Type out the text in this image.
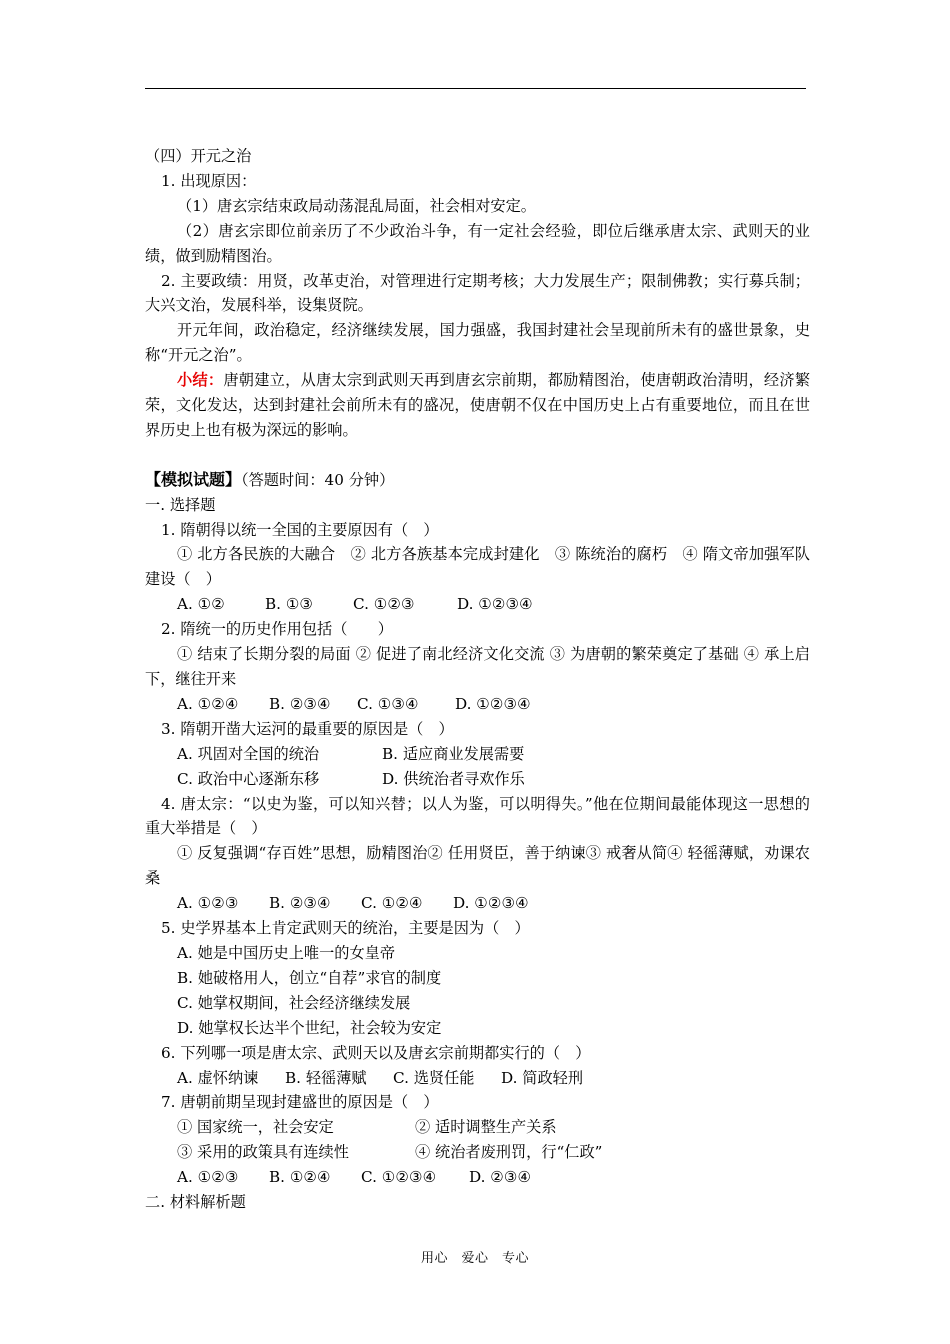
（四）开元之治

1. 出现原因：

（1）唐玄宗结束政局动荡混乱局面，社会相对安定。

（2）唐玄宗即位前亲历了不少政治斗争，有一定社会经验，即位后继承唐太宗、武则天的业绩，做到励精图治。

2. 主要政绩：用贤，改革吏治，对管理进行定期考核；大力发展生产；限制佛教；实行募兵制；大兴文治，发展科举，设集贤院。

开元年间，政治稳定，经济继续发展，国力强盛，我国封建社会呈现前所未有的盛世景象，史称“开元之治”。

小结：唐朝建立，从唐太宗到武则天再到唐玄宗前期，都励精图治，使唐朝政治清明，经济繁荣，文化发达，达到封建社会前所未有的盛况，使唐朝不仅在中国历史上占有重要地位，而且在世界历史上也有极为深远的影响。

【模拟试题】（答题时间：40 分钟）

一. 选择题

1. 隋朝得以统一全国的主要原因有（　）

① 北方各民族的大融合　② 北方各族基本完成封建化　③ 陈统治的腐朽　④ 隋文帝加强军队建设（　）

A. ①②	B. ①③	C. ①②③	D. ①②③④

2. 隋统一的历史作用包括（　　）

① 结束了长期分裂的局面 ② 促进了南北经济文化交流 ③ 为唐朝的繁荣奠定了基础 ④ 承上启下，继往开来

A. ①②④ B. ②③④ C. ①③④ D. ①②③④

3. 隋朝开凿大运河的最重要的原因是（　）

A. 巩固对全国的统治	B. 适应商业发展需要

C. 政治中心逐渐东移	D. 供统治者寻欢作乐

4. 唐太宗：“以史为鉴，可以知兴替；以人为鉴，可以明得失。”他在位期间最能体现这一思想的重大举措是（　）

① 反复强调“存百姓”思想，励精图治② 任用贤臣，善于纳谏③ 戒奢从简④ 轻徭薄赋，劝课农桑

A. ①②③ B. ②③④ C. ①②④ D. ①②③④

5. 史学界基本上肯定武则天的统治，主要是因为（　）

A. 她是中国历史上唯一的女皇帝

B. 她破格用人，创立“自荐”求官的制度

C. 她掌权期间，社会经济继续发展

D. 她掌权长达半个世纪，社会较为安定

6. 下列哪一项是唐太宗、武则天以及唐玄宗前期都实行的（　）

A. 虚怀纳谏 B. 轻徭薄赋 C. 选贤任能 D. 简政轻刑

7. 唐朝前期呈现封建盛世的原因是（　）

① 国家统一，社会安定	② 适时调整生产关系

③ 采用的政策具有连续性	④ 统治者废刑罚，行“仁政”

A. ①②③ B. ①②④ C. ①②③④ D. ②③④

二. 材料解析题

用心　爱心　专心
